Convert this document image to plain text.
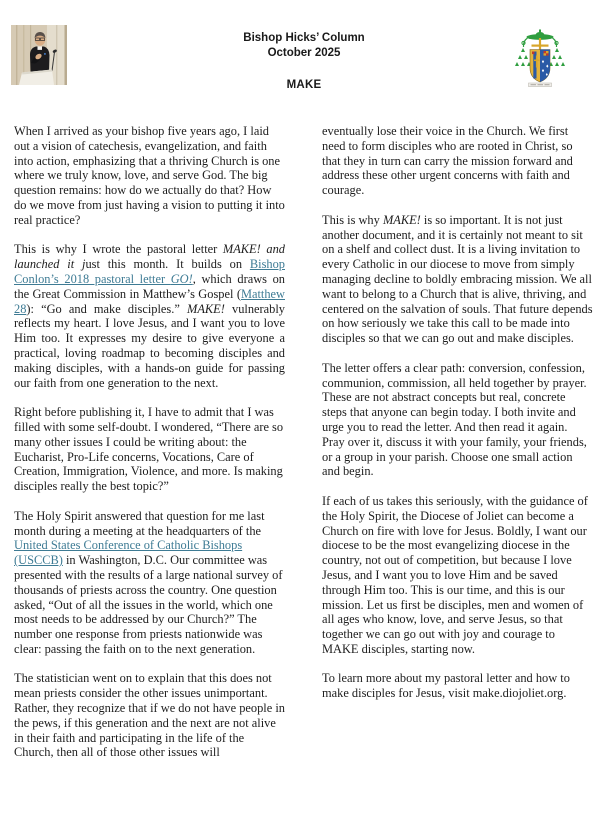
Bishop Hicks’ Column
October 2025
MAKE

When I arrived as your bishop five years ago, I laid out a vision of catechesis, evangelization, and faith into action, emphasizing that a thriving Church is one where we truly know, love, and serve God. The big question remains: how do we actually do that? How do we move from just having a vision to putting it into real practice?

This is why I wrote the pastoral letter MAKE! and launched it just this month. It builds on Bishop Conlon’s 2018 pastoral letter GO!, which draws on the Great Commission in Matthew’s Gospel (Matthew 28): “Go and make disciples.” MAKE! vulnerably reflects my heart. I love Jesus, and I want you to love Him too. It expresses my desire to give everyone a practical, loving roadmap to becoming disciples and making disciples, with a hands-on guide for passing our faith from one generation to the next.

Right before publishing it, I have to admit that I was filled with some self-doubt. I wondered, “There are so many other issues I could be writing about: the Eucharist, Pro-Life concerns, Vocations, Care of Creation, Immigration, Violence, and more. Is making disciples really the best topic?”

The Holy Spirit answered that question for me last month during a meeting at the headquarters of the United States Conference of Catholic Bishops (USCCB) in Washington, D.C. Our committee was presented with the results of a large national survey of thousands of priests across the country. One question asked, “Out of all the issues in the world, which one most needs to be addressed by our Church?” The number one response from priests nationwide was clear: passing the faith on to the next generation.

The statistician went on to explain that this does not mean priests consider the other issues unimportant. Rather, they recognize that if we do not have people in the pews, if this generation and the next are not alive in their faith and participating in the life of the Church, then all of those other issues will

eventually lose their voice in the Church. We first need to form disciples who are rooted in Christ, so that they in turn can carry the mission forward and address these other urgent concerns with faith and courage.

This is why MAKE! is so important. It is not just another document, and it is certainly not meant to sit on a shelf and collect dust. It is a living invitation to every Catholic in our diocese to move from simply managing decline to boldly embracing mission. We all want to belong to a Church that is alive, thriving, and centered on the salvation of souls. That future depends on how seriously we take this call to be made into disciples so that we can go out and make disciples.

The letter offers a clear path: conversion, confession, communion, commission, all held together by prayer. These are not abstract concepts but real, concrete steps that anyone can begin today. I both invite and urge you to read the letter. And then read it again. Pray over it, discuss it with your family, your friends, or a group in your parish. Choose one small action and begin.

If each of us takes this seriously, with the guidance of the Holy Spirit, the Diocese of Joliet can become a Church on fire with love for Jesus. Boldly, I want our diocese to be the most evangelizing diocese in the country, not out of competition, but because I love Jesus, and I want you to love Him and be saved through Him too. This is our time, and this is our mission. Let us first be disciples, men and women of all ages who know, love, and serve Jesus, so that together we can go out with joy and courage to MAKE disciples, starting now.

To learn more about my pastoral letter and how to make disciples for Jesus, visit make.diojoliet.org.
